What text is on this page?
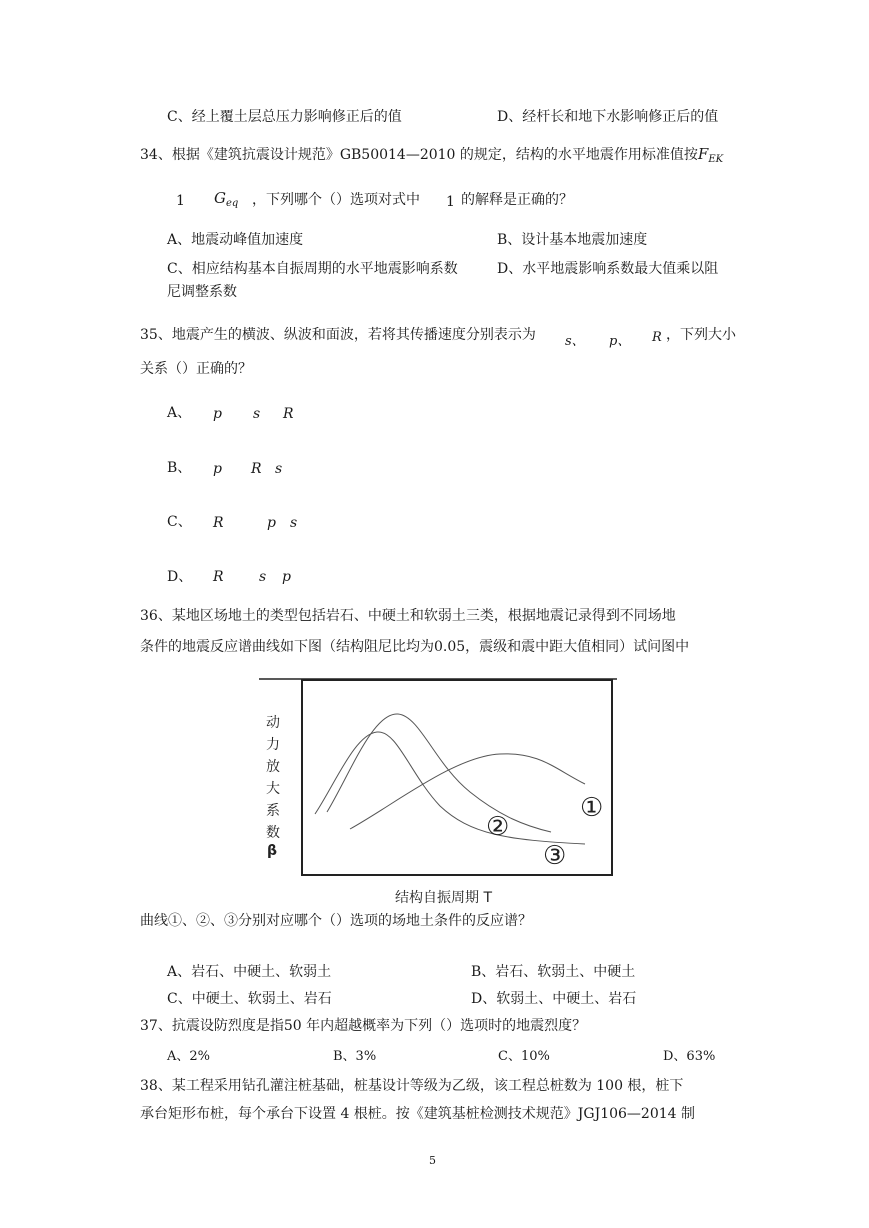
C、经上覆土层总压力影响修正后的值	D、经杆长和地下水影响修正后的值
34、根据《建筑抗震设计规范》GB50014—2010 的规定，结构的水平地震作用标准值按$F_{EK}$
1 $G_{eq}$ ，下列哪个（）选项对式中 1 的解释是正确的？
A、地震动峰值加速度	B、设计基本地震加速度
C、相应结构基本自振周期的水平地震影响系数	D、水平地震影响系数最大值乘以阻
尼调整系数
35、地震产生的横波、纵波和面波，若将其传播速度分别表示为 s、 p、 R ，下列大小
关系（）正确的？
A、 p s R
B、 p R s
C、 R	p s
D、 R	s p
36、某地区场地土的类型包括岩石、中硬土和软弱土三类，根据地震记录得到不同场地
条件的地震反应谱曲线如下图（结构阻尼比均为0.05，震级和震中距大值相同）试问图中
动
力
放
大
系
数
β
①
②
③
结构自振周期 T
曲线①、②、③分别对应哪个（）选项的场地土条件的反应谱？
A、岩石、中硬土、软弱土	B、岩石、软弱土、中硬土
C、中硬土、软弱土、岩石	D、软弱土、中硬土、岩石
37、抗震设防烈度是指50 年内超越概率为下列（）选项时的地震烈度？
A、2%	B、3%	C、10%	D、63%
38、某工程采用钻孔灌注桩基础，桩基设计等级为乙级，该工程总桩数为 100 根，桩下
承台矩形布桩，每个承台下设置 4 根桩。按《建筑基桩检测技术规范》JGJ106—2014 制
5
